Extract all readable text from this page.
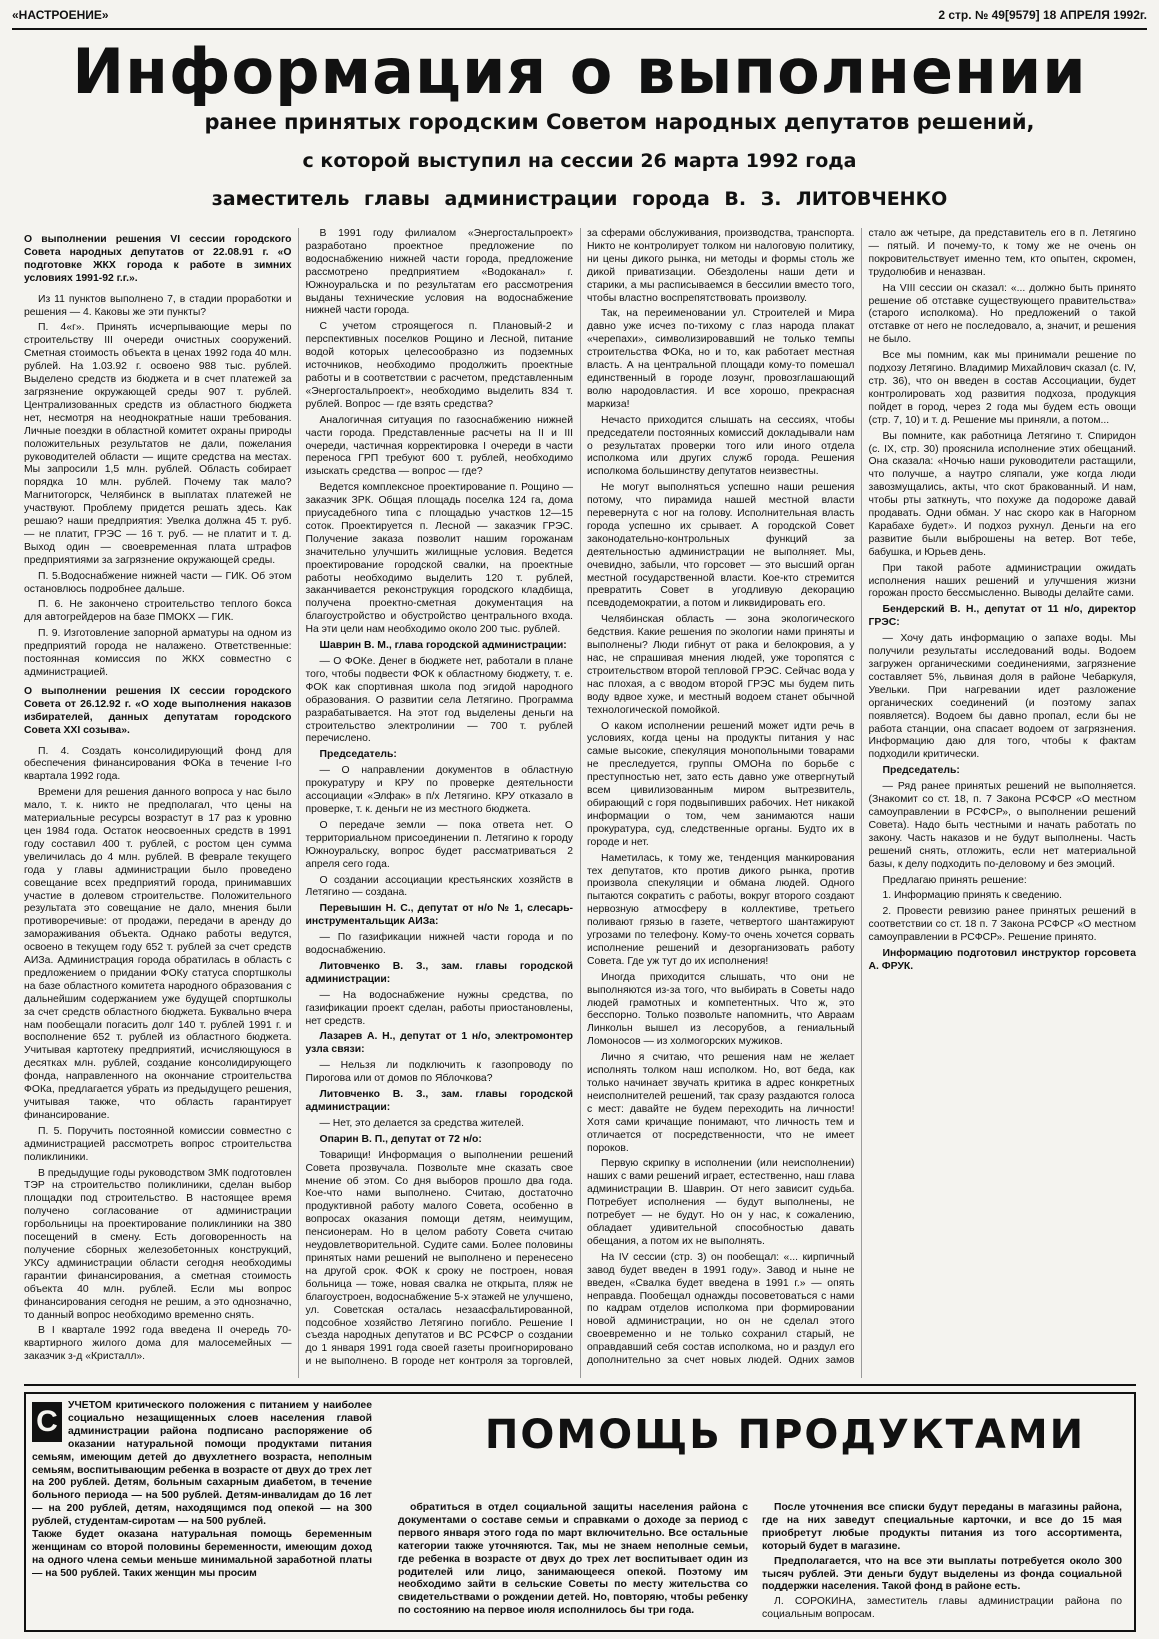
«НАСТРОЕНИЕ»	2 стр. № 49[9579] 18 АПРЕЛЯ 1992г.
Информация о выполнении
ранее принятых городским Советом народных депутатов решений,
с которой выступил на сессии 26 марта 1992 года
заместитель главы администрации города В. З. ЛИТОВЧЕНКО

О выполнении решения VI сессии городского Совета народных депутатов от 22.08.91 г. «О подготовке ЖКХ города к работе в зимних условиях 1991-92 г.г.».

Из 11 пунктов выполнено 7, в стадии проработки и решения — 4. Каковы же эти пункты?

П. 4«г». Принять исчерпывающие меры по строительству III очереди очистных сооружений. Сметная стоимость объекта в ценах 1992 года 40 млн. рублей. На 1.03.92 г. освоено 988 тыс. рублей. Выделено средств из бюджета и в счет платежей за загрязнение окружающей среды 907 т. рублей. Централизованных средств из областного бюджета нет, несмотря на неоднократные наши требования. Личные поездки в областной комитет охраны природы положительных результатов не дали, пожелания руководителей области — ищите средства на местах. Мы запросили 1,5 млн. рублей. Область собирает порядка 10 млн. рублей. Почему так мало? Магнитогорск, Челябинск в выплатах платежей не участвуют. Проблему придется решать здесь. Как решаю? наши предприятия: Увелка должна 45 т. руб. — не платит, ГРЭС — 16 т. руб. — не платит и т. д. Выход один — своевременная плата штрафов предприятиями за загрязнение окружающей среды.

П. 5.Водоснабжение нижней части — ГИК. Об этом остановлюсь подробнее дальше.

П. 6. Не закончено строительство теплого бокса для автогрейдеров на базе ПМОКХ — ГИК.

П. 9. Изготовление запорной арматуры на одном из предприятий города не налажено. Ответственные: постоянная комиссия по ЖКХ совместно с администрацией.

О выполнении решения IX сессии городского Совета от 26.12.92 г. «О ходе выполнения наказов избирателей, данных депутатам городского Совета XXI созыва».

П. 4. Создать консолидирующий фонд для обеспечения финансирования ФОКа в течение I-го квартала 1992 года.

Времени для решения данного вопроса у нас было мало, т. к. никто не предполагал, что цены на материальные ресурсы возрастут в 17 раз к уровню цен 1984 года. Остаток неосвоенных средств в 1991 году составил 400 т. рублей, с ростом цен сумма увеличилась до 4 млн. рублей. В феврале текущего года у главы администрации было проведено совещание всех предприятий города, принимавших участие в долевом строительстве. Положительного результата это совещание не дало, мнения были противоречивые: от продажи, передачи в аренду до замораживания объекта. Однако работы ведутся, освоено в текущем году 652 т. рублей за счет средств АИЗа. Администрация города обратилась в область с предложением о придании ФОКу статуса спортшколы на базе областного комитета народного образования с дальнейшим содержанием уже будущей спортшколы за счет средств областного бюджета. Буквально вчера нам пообещали погасить долг 140 т. рублей 1991 г. и восполнение 652 т. рублей из областного бюджета. Учитывая картотеку предприятий, исчисляющуюся в десятках млн. рублей, создание консолидирующего фонда, направленного на окончание строительства ФОКа, предлагается убрать из предыдущего решения, учитывая также, что область гарантирует финансирование.

П. 5. Поручить постоянной комиссии совместно с администрацией рассмотреть вопрос строительства поликлиники.

В предыдущие годы руководством ЗМК подготовлен ТЭР на строительство поликлиники, сделан выбор площадки под строительство. В настоящее время получено согласование от администрации горбольницы на проектирование поликлиники на 380 посещений в смену. Есть договоренность на получение сборных железобетонных конструкций, УКСу администрации области сегодня необходимы гарантии финансирования, а сметная стоимость объекта 40 млн. рублей. Если мы вопрос финансирования сегодня не решим, а это однозначно, то данный вопрос необходимо временно снять.

В I квартале 1992 года введена II очередь 70-квартирного жилого дома для малосемейных — заказчик з-д «Кристалл».

В 1991 году филиалом «Энергостальпроект» разработано проектное предложение по водоснабжению нижней части города, предложение рассмотрено предприятием «Водоканал» г. Южноуральска и по результатам его рассмотрения выданы технические условия на водоснабжение нижней части города.

С учетом строящегося п. Плановый-2 и перспективных поселков Рощино и Лесной, питание водой которых целесообразно из подземных источников, необходимо продолжить проектные работы и в соответствии с расчетом, представленным «Энергостальпроект», необходимо выделить 834 т. рублей. Вопрос — где взять средства?

Аналогичная ситуация по газоснабжению нижней части города. Представленные расчеты на II и III очереди, частичная корректировка I очереди в части переноса ГРП требуют 600 т. рублей, необходимо изыскать средства — вопрос — где?

Ведется комплексное проектирование п. Рощино — заказчик ЗРК. Общая площадь поселка 124 га, дома приусадебного типа с площадью участков 12—15 соток. Проектируется п. Лесной — заказчик ГРЭС. Получение заказа позволит нашим горожанам значительно улучшить жилищные условия. Ведется проектирование городской свалки, на проектные работы необходимо выделить 120 т. рублей, заканчивается реконструкция городского кладбища, получена проектно-сметная документация на благоустройство и обустройство центрального входа. На эти цели нам необходимо около 200 тыс. рублей.

Шаврин В. М., глава городской администрации:

— О ФОКе. Денег в бюджете нет, работали в плане того, чтобы подвести ФОК к областному бюджету, т. е. ФОК как спортивная школа под эгидой народного образования. О развитии села Летягино. Программа разрабатывается. На этот год выделены деньги на строительство электролинии — 700 т. рублей перечислено.

Председатель:

— О направлении документов в областную прокуратуру и КРУ по проверке деятельности ассоциации «Элфак» в п/х Летягино. КРУ отказало в проверке, т. к. деньги не из местного бюджета.

О передаче земли — пока ответа нет. О территориальном присоединении п. Летягино к городу Южноуральску, вопрос будет рассматриваться 2 апреля сего года.

О создании ассоциации крестьянских хозяйств в Летягино — создана.

Перевышин Н. С., депутат от н/о № 1, слесарь-инструментальщик АИЗа:

— По газификации нижней части города и по водоснабжению.

Литовченко В. З., зам. главы городской администрации:

— На водоснабжение нужны средства, по газификации проект сделан, работы приостановлены, нет средств.

Лазарев А. Н., депутат от 1 н/о, электромонтер узла связи:

— Нельзя ли подключить к газопроводу по Пирогова или от домов по Яблочкова?

Литовченко В. З., зам. главы городской администрации:

— Нет, это делается за средства жителей.

Опарин В. П., депутат от 72 н/о:

Товарищи! Информация о выполнении решений Совета прозвучала. Позвольте мне сказать свое мнение об этом. Со дня выборов прошло два года. Кое-что нами выполнено. Считаю, достаточно продуктивной работу малого Совета, особенно в вопросах оказания помощи детям, неимущим, пенсионерам. Но в целом работу Совета считаю неудовлетворительной. Судите сами. Более половины принятых нами решений не выполнено и перенесено на другой срок. ФОК к сроку не построен, новая больница — тоже, новая свалка не открыта, пляж не благоустроен, водоснабжение 5-х этажей не улучшено, ул. Советская осталась незаасфальтированной, подсобное хозяйство Летягино погибло. Решение I съезда народных депутатов и ВС РСФСР о создании до 1 января 1991 года своей газеты проигнорировано и не выполнено. В городе нет контроля за торговлей, за сферами обслуживания, производства, транспорта. Никто не контролирует толком ни налоговую политику, ни цены дикого рынка, ни методы и формы столь же дикой приватизации. Обездолены наши дети и старики, а мы расписываемся в бессилии вместо того, чтобы властно воспрепятствовать произволу.

Так, на переименовании ул. Строителей и Мира давно уже исчез по-тихому с глаз народа плакат «черепахи», символизировавший не только темпы строительства ФОКа, но и то, как работает местная власть. А на центральной площади кому-то помешал единственный в городе лозунг, провозглашающий волю народовластия. И все хорошо, прекрасная маркиза!

Нечасто приходится слышать на сессиях, чтобы председатели постоянных комиссий докладывали нам о результатах проверки того или иного отдела исполкома или других служб города. Решения исполкома большинству депутатов неизвестны.

Не могут выполняться успешно наши решения потому, что пирамида нашей местной власти перевернута с ног на голову. Исполнительная власть города успешно их срывает. А городской Совет законодательно-контрольных функций за деятельностью администрации не выполняет. Мы, очевидно, забыли, что горсовет — это высший орган местной государственной власти. Кое-кто стремится превратить Совет в угодливую декорацию псевдодемократии, а потом и ликвидировать его.

Челябинская область — зона экологического бедствия. Какие решения по экологии нами приняты и выполнены? Люди гибнут от рака и белокровия, а у нас, не спрашивая мнения людей, уже торопятся с строительством второй тепловой ГРЭС. Сейчас вода у нас плохая, а с вводом второй ГРЭС мы будем пить воду вдвое хуже, и местный водоем станет обычной технологической помойкой.

О каком исполнении решений может идти речь в условиях, когда цены на продукты питания у нас самые высокие, спекуляция монопольными товарами не преследуется, группы ОМОНа по борьбе с преступностью нет, зато есть давно уже отвергнутый всем цивилизованным миром вытрезвитель, обирающий с горя подвыпивших рабочих. Нет никакой информации о том, чем занимаются наши прокуратура, суд, следственные органы. Будто их в городе и нет.

Наметилась, к тому же, тенденция манкирования тех депутатов, кто против дикого рынка, против произвола спекуляции и обмана людей. Одного пытаются сократить с работы, вокруг второго создают нервозную атмосферу в коллективе, третьего поливают грязью в газете, четвертого шантажируют угрозами по телефону. Кому-то очень хочется сорвать исполнение решений и дезорганизовать работу Совета. Где уж тут до их исполнения!

Иногда приходится слышать, что они не выполняются из-за того, что выбирать в Советы надо людей грамотных и компетентных. Что ж, это бесспорно. Только позвольте напомнить, что Авраам Линкольн вышел из лесорубов, а гениальный Ломоносов — из холмогорских мужиков.

Лично я считаю, что решения нам не желает исполнять толком наш исполком. Но, вот беда, как только начинает звучать критика в адрес конкретных неисполнителей решений, так сразу раздаются голоса с мест: давайте не будем переходить на личности! Хотя сами кричащие понимают, что личность тем и отличается от посредственности, что не имеет пороков.

Первую скрипку в исполнении (или неисполнении) наших с вами решений играет, естественно, наш глава администрации В. Шаврин. От него зависит судьба. Потребует исполнения — будут выполнены, не потребует — не будут. Но он у нас, к сожалению, обладает удивительной способностью давать обещания, а потом их не выполнять.

На IV сессии (стр. 3) он пообещал: «... кирпичный завод будет введен в 1991 году». Завод и ныне не введен, «Свалка будет введена в 1991 г.» — опять неправда. Пообещал однажды посоветоваться с нами по кадрам отделов исполкома при формировании новой администрации, но он не сделал этого своевременно и не только сохранил старый, не оправдавший себя состав исполкома, но и раздул его дополнительно за счет новых людей. Одних замов стало аж четыре, да представитель его в п. Летягино — пятый. И почему-то, к тому же не очень он покровительствует именно тем, кто опытен, скромен, трудолюбив и неназван.

На VIII сессии он сказал: «... должно быть принято решение об отставке существующего правительства» (старого исполкома). Но предложений о такой отставке от него не последовало, а, значит, и решения не было.

Все мы помним, как мы принимали решение по подхозу Летягино. Владимир Михайлович сказал (с. IV, стр. 36), что он введен в состав Ассоциации, будет контролировать ход развития подхоза, продукция пойдет в город, через 2 года мы будем есть овощи (стр. 7, 10) и т. д. Решение мы приняли, а потом...

Вы помните, как работница Летягино т. Спиридон (с. IX, стр. 30) прояснила исполнение этих обещаний. Она сказала: «Ночью наши руководители растащили, что получше, а наутро сляпали, уже когда люди завозмущались, акты, что скот бракованный. И нам, чтобы рты заткнуть, что похуже да подороже давай продавать. Одни обман. У нас скоро как в Нагорном Карабахе будет». И подхоз рухнул. Деньги на его развитие были выброшены на ветер. Вот тебе, бабушка, и Юрьев день.

При такой работе администрации ожидать исполнения наших решений и улучшения жизни горожан просто бессмысленно. Выводы делайте сами.

Бендерский В. Н., депутат от 11 н/о, директор ГРЭС:

— Хочу дать информацию о запахе воды. Мы получили результаты исследований воды. Водоем загружен органическими соединениями, загрязнение составляет 5%, львиная доля в районе Чебаркуля, Увельки. При нагревании идет разложение органических соединений (и поэтому запах появляется). Водоем бы давно пропал, если бы не работа станции, она спасает водоем от загрязнения. Информацию даю для того, чтобы к фактам подходили критически.

Председатель:

— Ряд ранее принятых решений не выполняется. (Знакомит со ст. 18, п. 7 Закона РСФСР «О местном самоуправлении в РСФСР», о выполнении решений Совета). Надо быть честными и начать работать по закону. Часть наказов и не будут выполнены. Часть решений снять, отложить, если нет материальной базы, к делу подходить по-деловому и без эмоций.

Предлагаю принять решение:

1. Информацию принять к сведению.

2. Провести ревизию ранее принятых решений в соответствии со ст. 18 п. 7 Закона РСФСР «О местном самоуправлении в РСФСР». Решение принято.

Информацию подготовил инструктор горсовета А. ФРУК.

ПОМОЩЬ ПРОДУКТАМИ
С УЧЕТОМ критического положения с питанием у наиболее социально незащищенных слоев населения главой администрации района подписано распоряжение об оказании натуральной помощи продуктами питания семьям, имеющим детей до двухлетнего возраста, неполным семьям, воспитывающим ребенка в возрасте от двух до трех лет на 200 рублей. Детям, больным сахарным диабетом, в течение больного периода — на 500 рублей. Детям-инвалидам до 16 лет — на 200 рублей, детям, находящимся под опекой — на 300 рублей, студентам-сиротам — на 500 рублей.

Также будет оказана натуральная помощь беременным женщинам со второй половины беременности, имеющим доход на одного члена семьи меньше минимальной заработной платы — на 500 рублей. Таких женщин мы просим

обратиться в отдел социальной защиты населения района с документами о составе семьи и справками о доходе за период с первого января этого года по март включительно. Все остальные категории также уточняются. Так, мы не знаем неполные семьи, где ребенка в возрасте от двух до трех лет воспитывает один из родителей или лицо, занимающееся опекой. Поэтому им необходимо зайти в сельские Советы по месту жительства со свидетельствами о рождении детей. Но, повторяю, чтобы ребенку по состоянию на первое июля исполнилось бы три года.

После уточнения все списки будут переданы в магазины района, где на них заведут специальные карточки, и все до 15 мая приобретут любые продукты питания из того ассортимента, который будет в магазине.

Предполагается, что на все эти выплаты потребуется около 300 тысяч рублей. Эти деньги будут выделены из фонда социальной поддержки населения. Такой фонд в районе есть.

Л. СОРОКИНА, заместитель главы администрации района по социальным вопросам.
